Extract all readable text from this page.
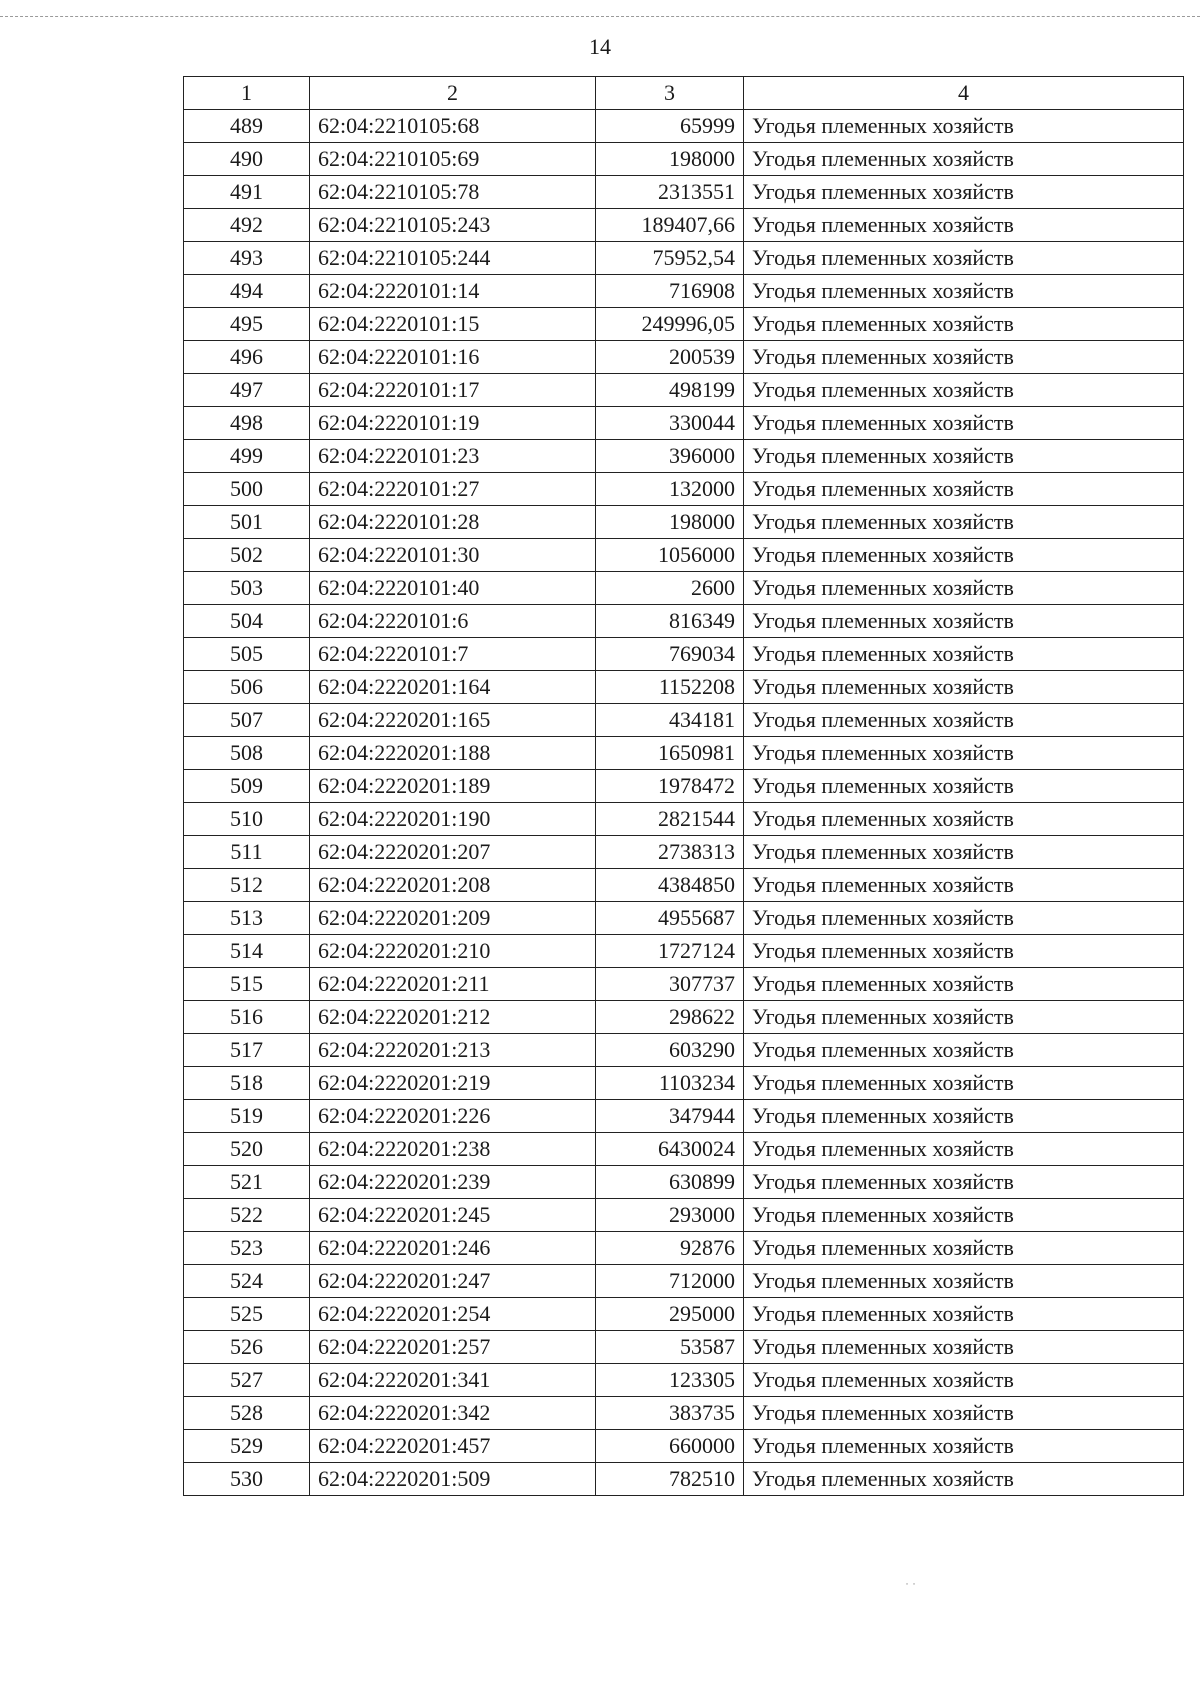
14
1	2	3	4
489	62:04:2210105:68	65999	Угодья племенных хозяйств
490	62:04:2210105:69	198000	Угодья племенных хозяйств
491	62:04:2210105:78	2313551	Угодья племенных хозяйств
492	62:04:2210105:243	189407,66	Угодья племенных хозяйств
493	62:04:2210105:244	75952,54	Угодья племенных хозяйств
494	62:04:2220101:14	716908	Угодья племенных хозяйств
495	62:04:2220101:15	249996,05	Угодья племенных хозяйств
496	62:04:2220101:16	200539	Угодья племенных хозяйств
497	62:04:2220101:17	498199	Угодья племенных хозяйств
498	62:04:2220101:19	330044	Угодья племенных хозяйств
499	62:04:2220101:23	396000	Угодья племенных хозяйств
500	62:04:2220101:27	132000	Угодья племенных хозяйств
501	62:04:2220101:28	198000	Угодья племенных хозяйств
502	62:04:2220101:30	1056000	Угодья племенных хозяйств
503	62:04:2220101:40	2600	Угодья племенных хозяйств
504	62:04:2220101:6	816349	Угодья племенных хозяйств
505	62:04:2220101:7	769034	Угодья племенных хозяйств
506	62:04:2220201:164	1152208	Угодья племенных хозяйств
507	62:04:2220201:165	434181	Угодья племенных хозяйств
508	62:04:2220201:188	1650981	Угодья племенных хозяйств
509	62:04:2220201:189	1978472	Угодья племенных хозяйств
510	62:04:2220201:190	2821544	Угодья племенных хозяйств
511	62:04:2220201:207	2738313	Угодья племенных хозяйств
512	62:04:2220201:208	4384850	Угодья племенных хозяйств
513	62:04:2220201:209	4955687	Угодья племенных хозяйств
514	62:04:2220201:210	1727124	Угодья племенных хозяйств
515	62:04:2220201:211	307737	Угодья племенных хозяйств
516	62:04:2220201:212	298622	Угодья племенных хозяйств
517	62:04:2220201:213	603290	Угодья племенных хозяйств
518	62:04:2220201:219	1103234	Угодья племенных хозяйств
519	62:04:2220201:226	347944	Угодья племенных хозяйств
520	62:04:2220201:238	6430024	Угодья племенных хозяйств
521	62:04:2220201:239	630899	Угодья племенных хозяйств
522	62:04:2220201:245	293000	Угодья племенных хозяйств
523	62:04:2220201:246	92876	Угодья племенных хозяйств
524	62:04:2220201:247	712000	Угодья племенных хозяйств
525	62:04:2220201:254	295000	Угодья племенных хозяйств
526	62:04:2220201:257	53587	Угодья племенных хозяйств
527	62:04:2220201:341	123305	Угодья племенных хозяйств
528	62:04:2220201:342	383735	Угодья племенных хозяйств
529	62:04:2220201:457	660000	Угодья племенных хозяйств
530	62:04:2220201:509	782510	Угодья племенных хозяйств
˙ ˙
